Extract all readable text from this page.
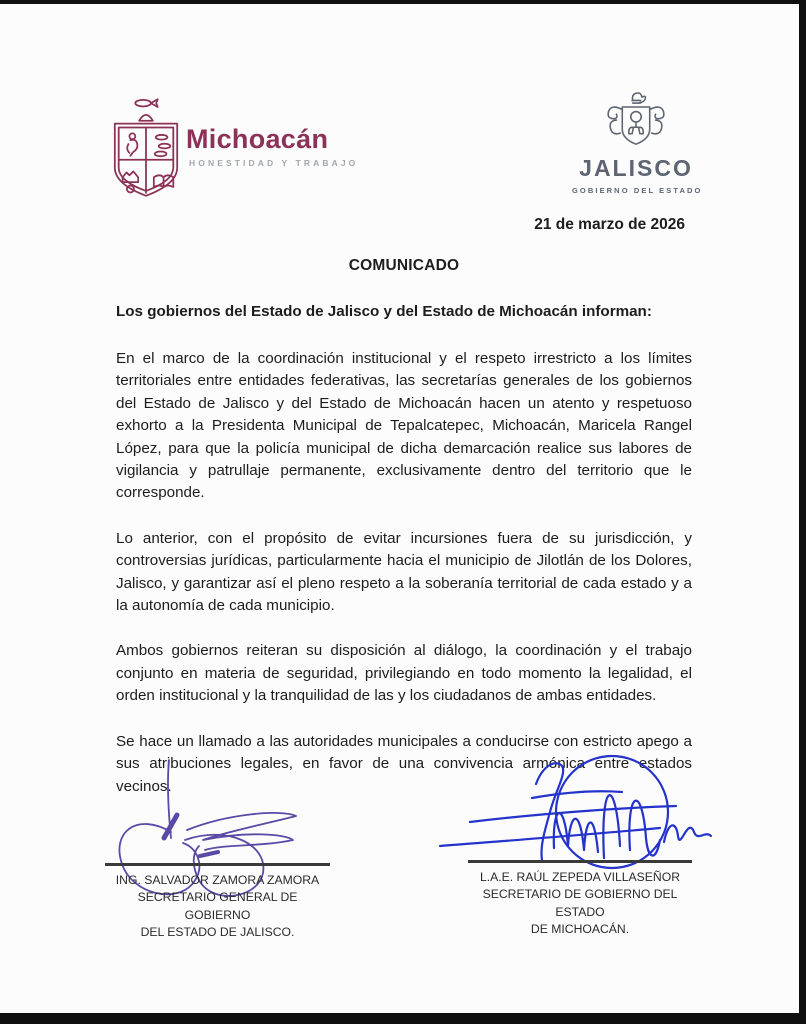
Michoacán
HONESTIDAD Y TRABAJO	JALISCO
GOBIERNO DEL ESTADO
21 de marzo de 2026
COMUNICADO
Los gobiernos del Estado de Jalisco y del Estado de Michoacán informan:

En el marco de la coordinación institucional y el respeto irrestricto a los límites territoriales entre entidades federativas, las secretarías generales de los gobiernos del Estado de Jalisco y del Estado de Michoacán hacen un atento y respetuoso exhorto a la Presidenta Municipal de Tepalcatepec, Michoacán, Maricela Rangel López, para que la policía municipal de dicha demarcación realice sus labores de vigilancia y patrullaje permanente, exclusivamente dentro del territorio que le corresponde.

Lo anterior, con el propósito de evitar incursiones fuera de su jurisdicción, y controversias jurídicas, particularmente hacia el municipio de Jilotlán de los Dolores, Jalisco, y garantizar así el pleno respeto a la soberanía territorial de cada estado y a la autonomía de cada municipio.

Ambos gobiernos reiteran su disposición al diálogo, la coordinación y el trabajo conjunto en materia de seguridad, privilegiando en todo momento la legalidad, el orden institucional y la tranquilidad de las y los ciudadanos de ambas entidades.

Se hace un llamado a las autoridades municipales a conducirse con estricto apego a sus atribuciones legales, en favor de una convivencia armónica entre estados vecinos.

ING. SALVADOR ZAMORA ZAMORA
SECRETARIO GENERAL DE GOBIERNO
DEL ESTADO DE JALISCO.
L.A.E. RAÚL ZEPEDA VILLASEÑOR
SECRETARIO DE GOBIERNO DEL ESTADO
DE MICHOACÁN.
